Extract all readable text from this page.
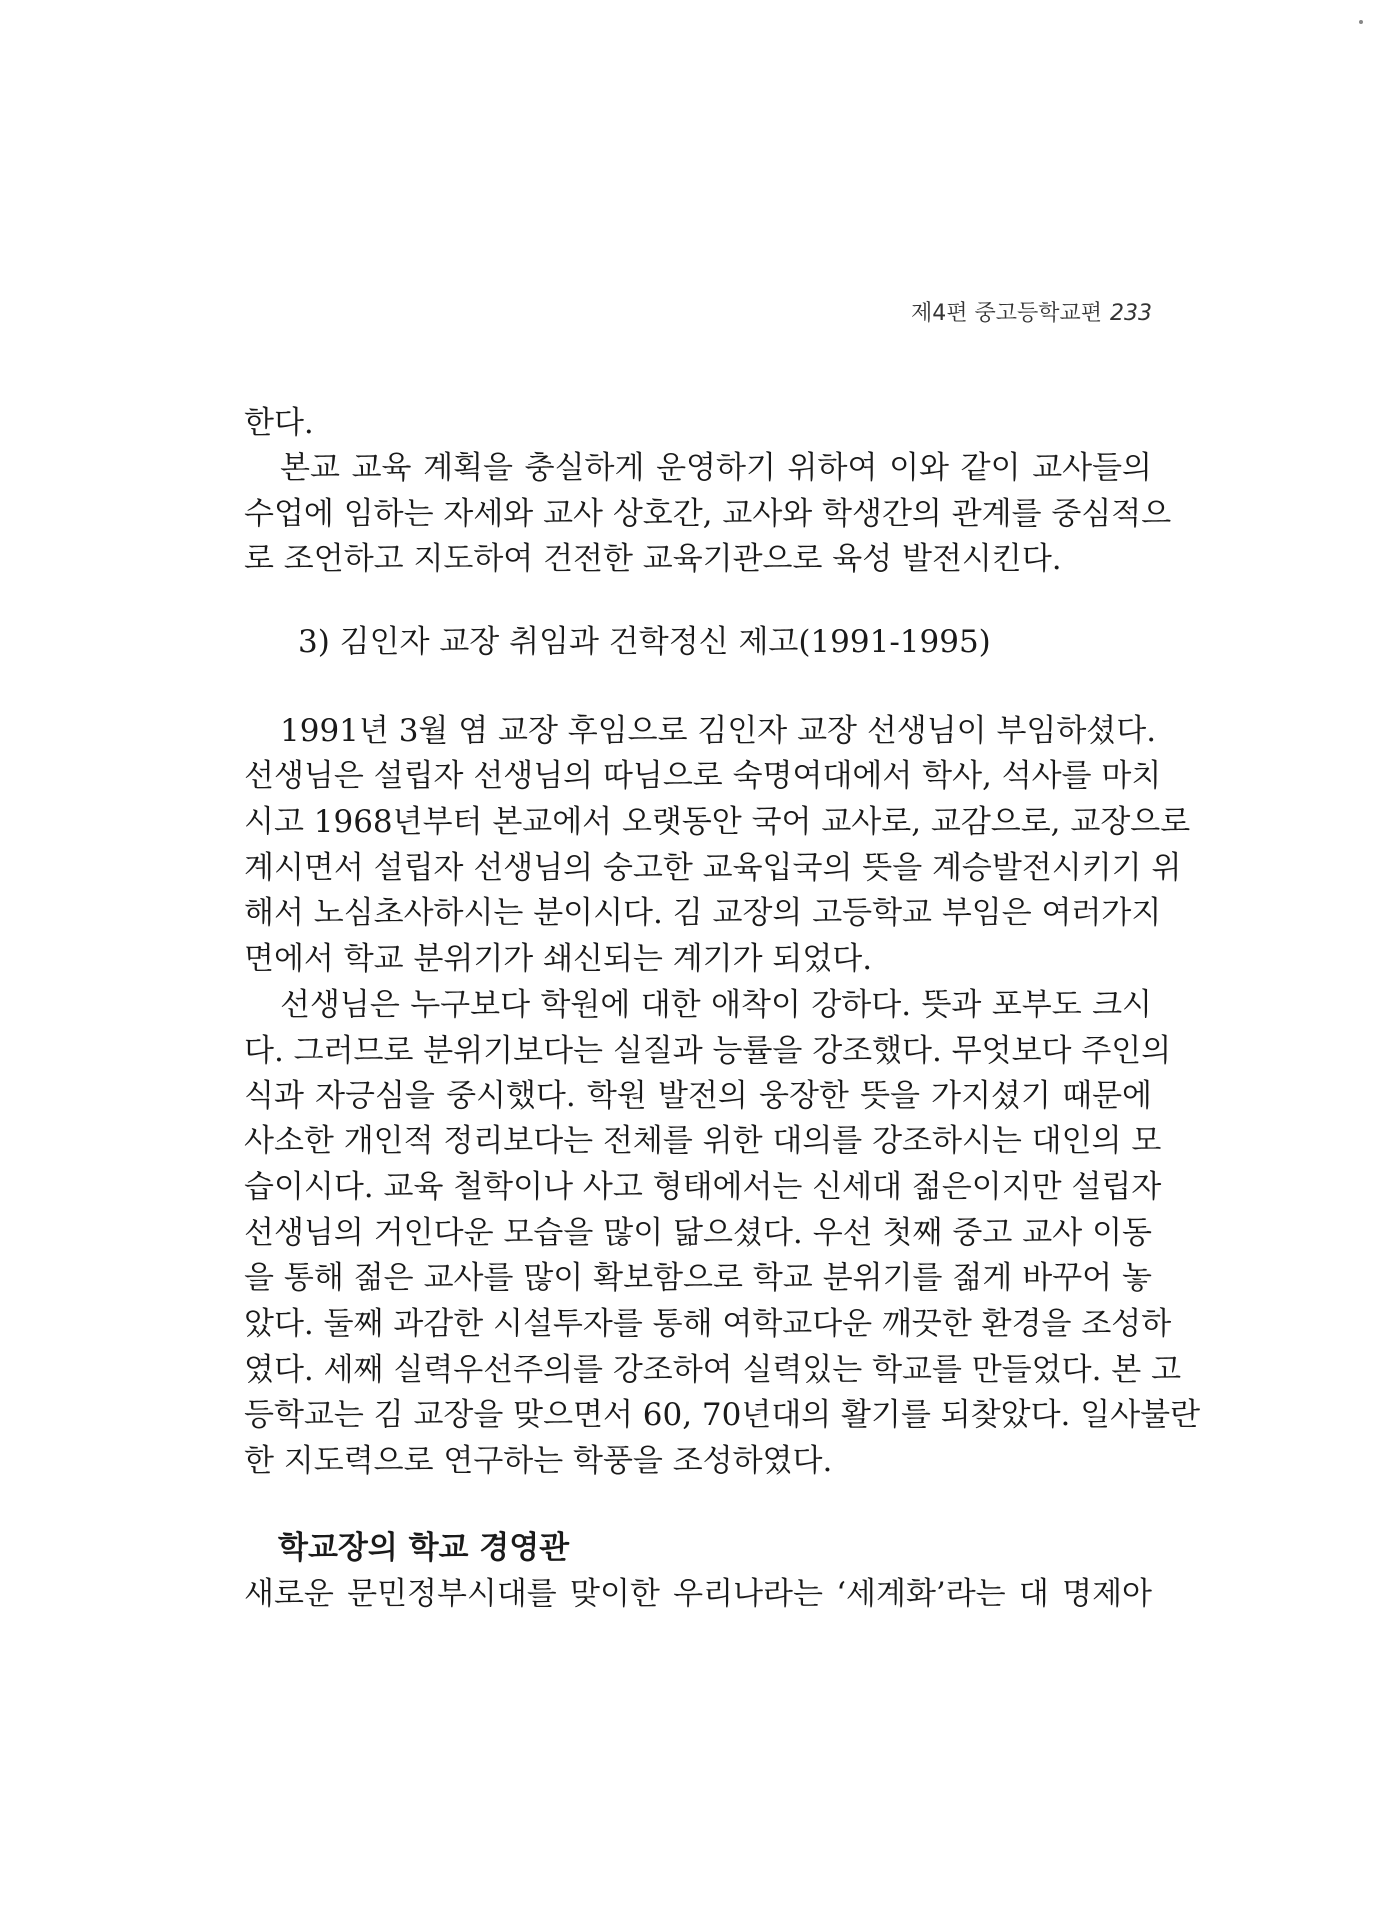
제4편 중고등학교편 233
한다.
본교 교육 계획을 충실하게 운영하기 위하여 이와 같이 교사들의
수업에 임하는 자세와 교사 상호간, 교사와 학생간의 관계를 중심적으
로 조언하고 지도하여 건전한 교육기관으로 육성 발전시킨다.
3) 김인자 교장 취임과 건학정신 제고(1991-1995)
1991년 3월 염 교장 후임으로 김인자 교장 선생님이 부임하셨다.
선생님은 설립자 선생님의 따님으로 숙명여대에서 학사, 석사를 마치
시고 1968년부터 본교에서 오랫동안 국어 교사로, 교감으로, 교장으로
계시면서 설립자 선생님의 숭고한 교육입국의 뜻을 계승발전시키기 위
해서 노심초사하시는 분이시다. 김 교장의 고등학교 부임은 여러가지
면에서 학교 분위기가 쇄신되는 계기가 되었다.
선생님은 누구보다 학원에 대한 애착이 강하다. 뜻과 포부도 크시
다. 그러므로 분위기보다는 실질과 능률을 강조했다. 무엇보다 주인의
식과 자긍심을 중시했다. 학원 발전의 웅장한 뜻을 가지셨기 때문에
사소한 개인적 정리보다는 전체를 위한 대의를 강조하시는 대인의 모
습이시다. 교육 철학이나 사고 형태에서는 신세대 젊은이지만 설립자
선생님의 거인다운 모습을 많이 닮으셨다. 우선 첫째 중고 교사 이동
을 통해 젊은 교사를 많이 확보함으로 학교 분위기를 젊게 바꾸어 놓
았다. 둘째 과감한 시설투자를 통해 여학교다운 깨끗한 환경을 조성하
였다. 세째 실력우선주의를 강조하여 실력있는 학교를 만들었다. 본 고
등학교는 김 교장을 맞으면서 60, 70년대의 활기를 되찾았다. 일사불란
한 지도력으로 연구하는 학풍을 조성하였다.
학교장의 학교 경영관
새로운 문민정부시대를 맞이한 우리나라는 ‘세계화’라는 대 명제아
